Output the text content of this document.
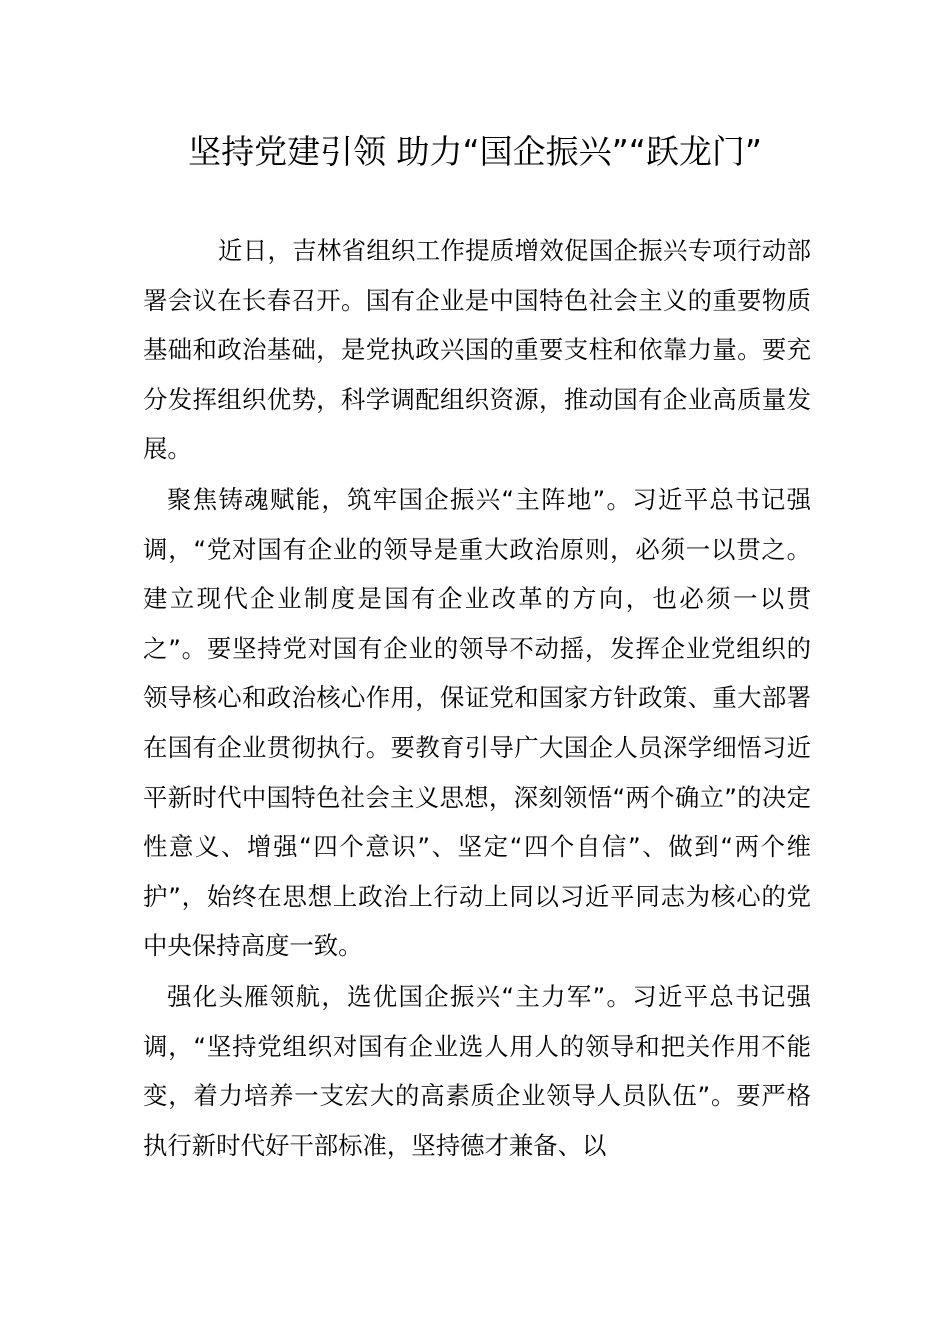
坚持党建引领 助力“国企振兴”“跃龙门”

近日，吉林省组织工作提质增效促国企振兴专项行动部署会议在长春召开。国有企业是中国特色社会主义的重要物质基础和政治基础，是党执政兴国的重要支柱和依靠力量。要充分发挥组织优势，科学调配组织资源，推动国有企业高质量发展。

聚焦铸魂赋能，筑牢国企振兴“主阵地”。习近平总书记强调，“党对国有企业的领导是重大政治原则，必须一以贯之。建立现代企业制度是国有企业改革的方向，也必须一以贯之”。要坚持党对国有企业的领导不动摇，发挥企业党组织的领导核心和政治核心作用，保证党和国家方针政策、重大部署在国有企业贯彻执行。要教育引导广大国企人员深学细悟习近平新时代中国特色社会主义思想，深刻领悟“两个确立”的决定性意义、增强“四个意识”、坚定“四个自信”、做到“两个维护”，始终在思想上政治上行动上同以习近平同志为核心的党中央保持高度一致。

强化头雁领航，选优国企振兴“主力军”。习近平总书记强调，“坚持党组织对国有企业选人用人的领导和把关作用不能变，着力培养一支宏大的高素质企业领导人员队伍”。要严格执行新时代好干部标准，坚持德才兼备、以
